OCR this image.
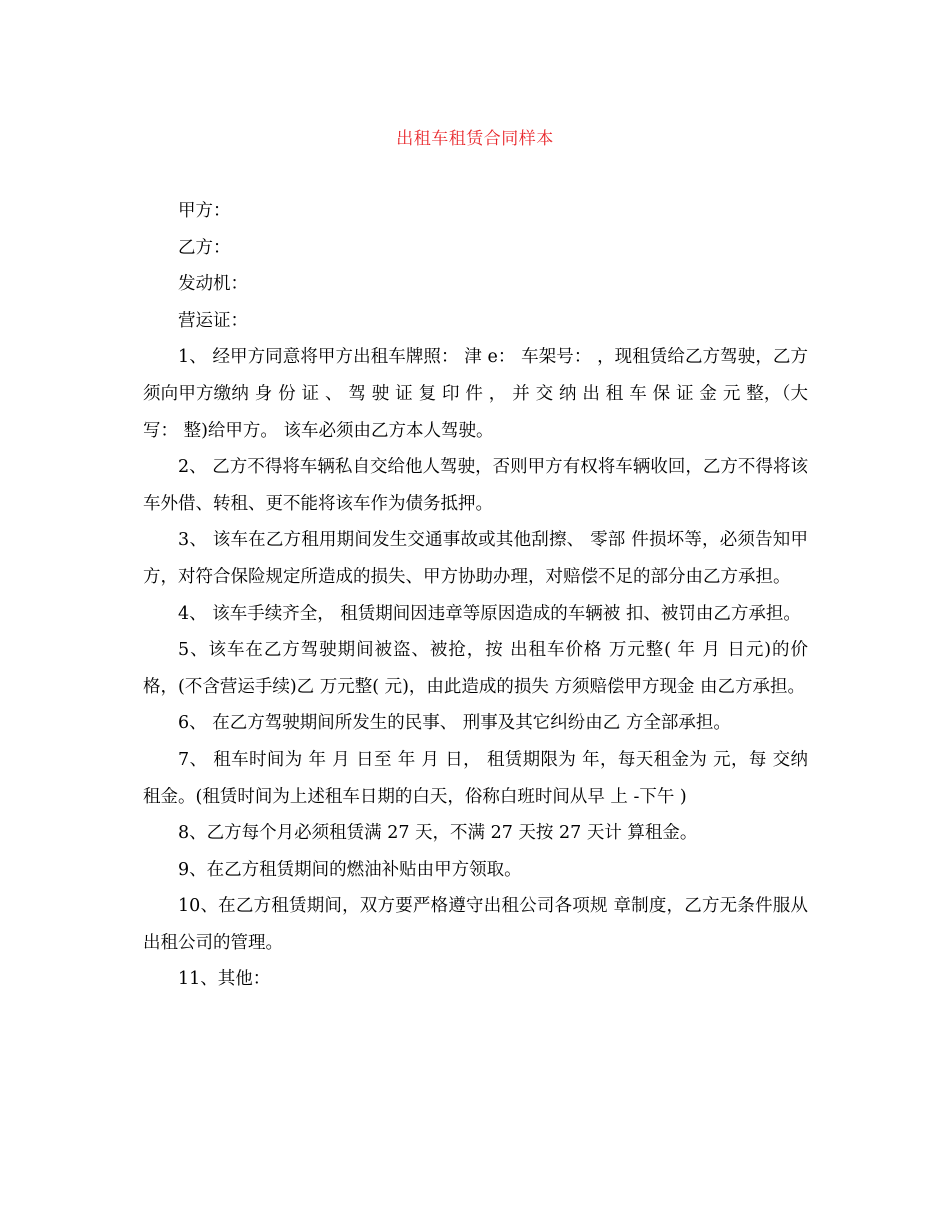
出租车租赁合同样本

甲方：

乙方：

发动机：

营运证：

1、 经甲方同意将甲方出租车牌照： 津 e： 车架号： ，现租赁给乙方驾驶，乙方须向甲方缴纳 身 份 证 、 驾 驶 证 复 印 件 ， 并 交 纳 出 租 车 保 证 金 元 整，（大写： 整)给甲方。 该车必须由乙方本人驾驶。

2、 乙方不得将车辆私自交给他人驾驶，否则甲方有权将车辆收回，乙方不得将该车外借、转租、更不能将该车作为债务抵押。

3、 该车在乙方租用期间发生交通事故或其他刮擦、 零部 件损坏等，必须告知甲方，对符合保险规定所造成的损失、甲方协助办理，对赔偿不足的部分由乙方承担。

4、 该车手续齐全， 租赁期间因违章等原因造成的车辆被 扣、被罚由乙方承担。

5、该车在乙方驾驶期间被盗、被抢，按 出租车价格 万元整( 年 月 日元)的价格，(不含营运手续)乙 万元整( 元)，由此造成的损失 方须赔偿甲方现金 由乙方承担。

6、 在乙方驾驶期间所发生的民事、 刑事及其它纠纷由乙 方全部承担。

7、 租车时间为 年 月 日至 年 月 日， 租赁期限为 年，每天租金为 元，每 交纳租金。(租赁时间为上述租车日期的白天，俗称白班时间从早 上 -下午 )

8、乙方每个月必须租赁满 27 天，不满 27 天按 27 天计 算租金。

9、在乙方租赁期间的燃油补贴由甲方领取。

10、在乙方租赁期间，双方要严格遵守出租公司各项规 章制度，乙方无条件服从出租公司的管理。

11、其他：
